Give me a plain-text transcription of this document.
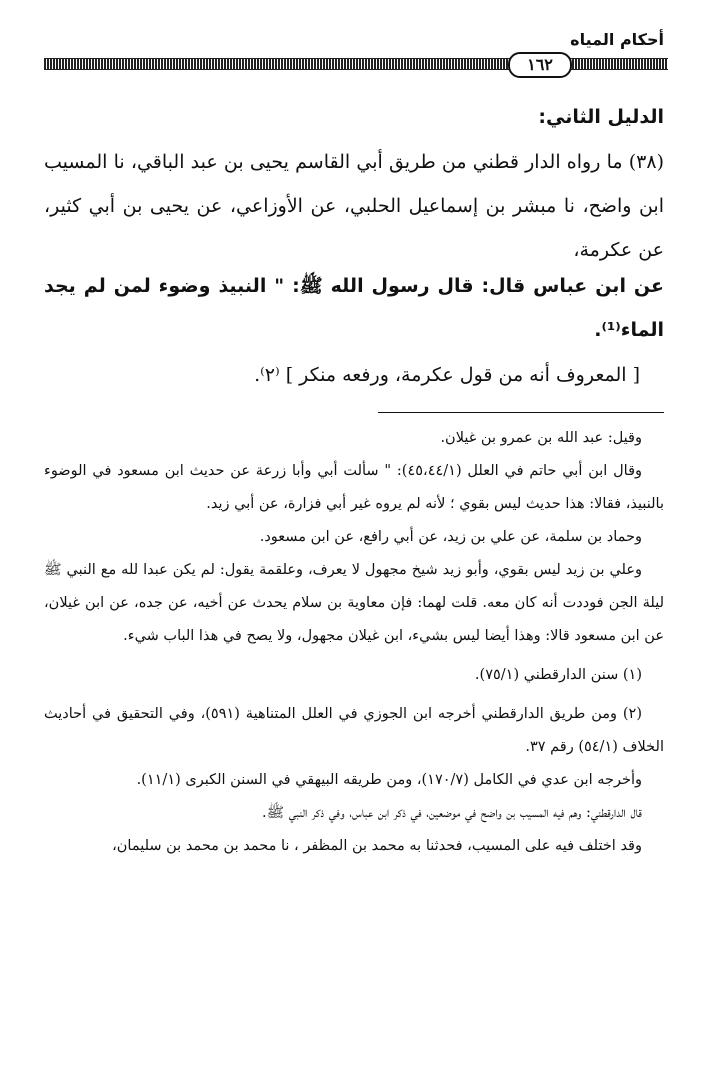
أحكام المياه
١٦٢
الدليل الثاني:
(٣٨) ما رواه الدار قطني من طريق أبي القاسم يحيى بن عبد الباقي، نا المسيب ابن واضح، نا مبشر بن إسماعيل الحلبي، عن الأوزاعي، عن يحيى بن أبي كثير، عن عكرمة،
عن ابن عباس قال: قال رسول الله ﷺ: " النبيذ وضوء لمن لم يجد الماء⁽¹⁾.
[ المعروف أنه من قول عكرمة، ورفعه منكر ] ⁽٢⁾.

وقيل: عبد الله بن عمرو بن غيلان.

وقال ابن أبي حاتم في العلل (٤٥،٤٤/١): " سألت أبي وأبا زرعة عن حديث ابن مسعود في الوضوء بالنبيذ، فقالا: هذا حديث ليس بقوي ؛ لأنه لم يروه غير أبي فزارة، عن أبي زيد.

وحماد بن سلمة، عن علي بن زيد، عن أبي رافع، عن ابن مسعود.

وعلي بن زيد ليس بقوي، وأبو زيد شيخ مجهول لا يعرف، وعلقمة يقول: لم يكن عبدا لله مع النبي ﷺ ليلة الجن فوددت أنه كان معه. قلت لهما: فإن معاوية بن سلام يحدث عن أخيه، عن جده، عن ابن غيلان، عن ابن مسعود قالا: وهذا أيضا ليس بشيء، ابن غيلان مجهول، ولا يصح في هذا الباب شيء.

(١) سنن الدارقطني (٧٥/١).

(٢) ومن طريق الدارقطني أخرجه ابن الجوزي في العلل المتناهية (٥٩١)، وفي التحقيق في أحاديث الخلاف (٥٤/١) رقم ٣٧.

وأخرجه ابن عدي في الكامل (١٧٠/٧)، ومن طريقه البيهقي في السنن الكبرى (١١/١).

قال الدارقطني: وهم فيه المسيب بن واضح في موضعين، في ذكر ابن عباس، وفي ذكر النبي ﷺ.

وقد اختلف فيه على المسيب، فحدثنا به محمد بن المظفر ، نا محمد بن محمد بن سليمان،
